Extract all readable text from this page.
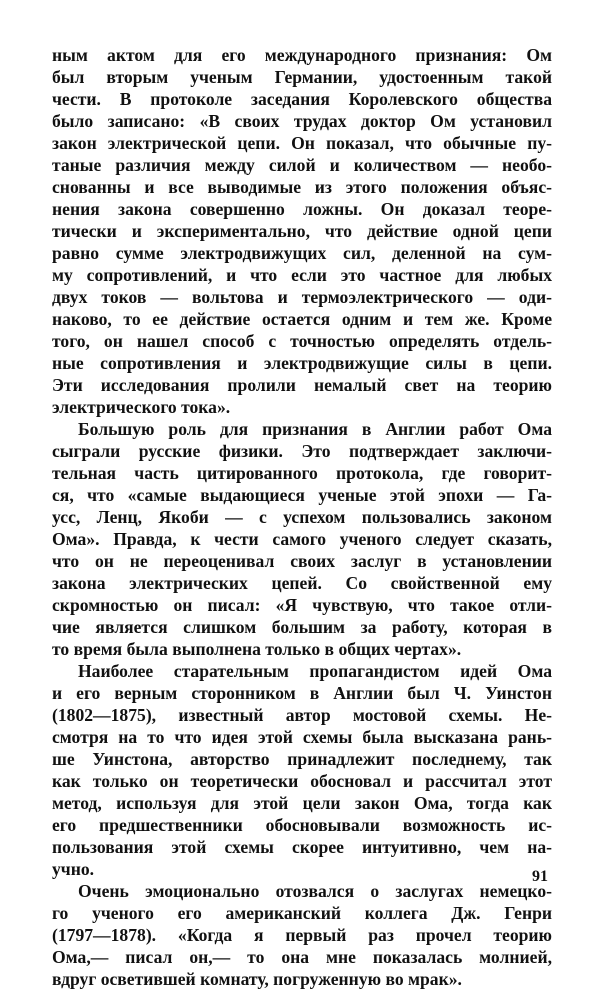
ным актом для его международного признания: Ом
был вторым ученым Германии, удостоенным такой
чести. В протоколе заседания Королевского общества
было записано: «В своих трудах доктор Ом установил
закон электрической цепи. Он показал, что обычные пу-
таные различия между силой и количеством — необо-
снованны и все выводимые из этого положения объяс-
нения закона совершенно ложны. Он доказал теоре-
тически и экспериментально, что действие одной цепи
равно сумме электродвижущих сил, деленной на сум-
му сопротивлений, и что если это частное для любых
двух токов — вольтова и термоэлектрического — оди-
наково, то ее действие остается одним и тем же. Кроме
того, он нашел способ с точностью определять отдель-
ные сопротивления и электродвижущие силы в цепи.
Эти исследования пролили немалый свет на теорию
электрического тока».
Большую роль для признания в Англии работ Ома
сыграли русские физики. Это подтверждает заключи-
тельная часть цитированного протокола, где говорит-
ся, что «самые выдающиеся ученые этой эпохи — Га-
усс, Ленц, Якоби — с успехом пользовались законом
Ома». Правда, к чести самого ученого следует сказать,
что он не переоценивал своих заслуг в установлении
закона электрических цепей. Со свойственной ему
скромностью он писал: «Я чувствую, что такое отли-
чие является слишком большим за работу, которая в
то время была выполнена только в общих чертах».
Наиболее старательным пропагандистом идей Ома
и его верным сторонником в Англии был Ч. Уинстон
(1802—1875), известный автор мостовой схемы. Не-
смотря на то что идея этой схемы была высказана рань-
ше Уинстона, авторство принадлежит последнему, так
как только он теоретически обосновал и рассчитал этот
метод, используя для этой цели закон Ома, тогда как
его предшественники обосновывали возможность ис-
пользования этой схемы скорее интуитивно, чем на-
учно.
Очень эмоционально отозвался о заслугах немецко-
го ученого его американский коллега Дж. Генри
(1797—1878). «Когда я первый раз прочел теорию
Ома,— писал он,— то она мне показалась молнией,
вдруг осветившей комнату, погруженную во мрак».
91
